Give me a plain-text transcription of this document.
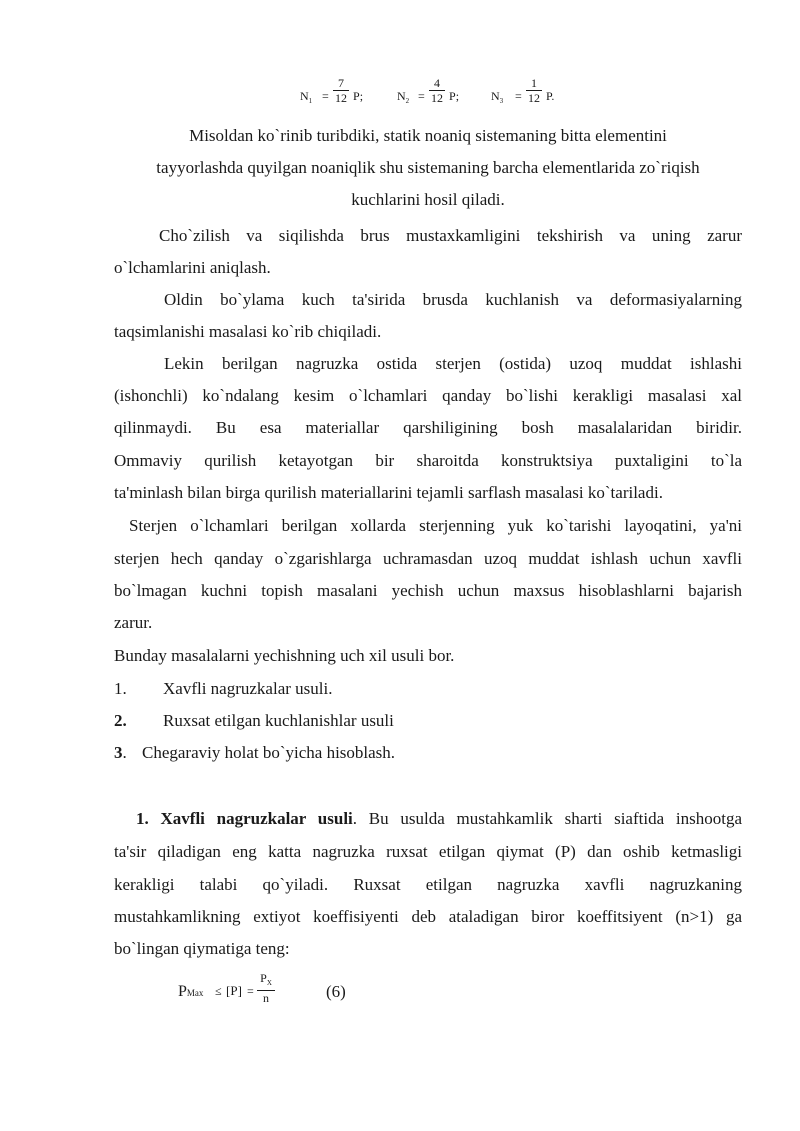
$N_1$ =
7
12 P;	$N_2$ =
4
12 P;	$N_3$ =
1
12 P.
Misoldan ko`rinib turibdiki, statik noaniq sistemaning bitta elementini
tayyorlashda quyilgan noaniqlik shu sistemaning barcha elementlarida zo`riqish
kuchlarini hosil qiladi.
Cho`zilish va siqilishda brus mustaxkamligini tekshirish va uning zarur
o`lchamlarini aniqlash.
Oldin bo`ylama kuch ta'sirida brusda kuchlanish va deformasiyalarning
taqsimlanishi masalasi ko`rib chiqiladi.
Lekin berilgan nagruzka ostida sterjen (ostida) uzoq muddat ishlashi
(ishonchli) ko`ndalang kesim o`lchamlari qanday bo`lishi kerakligi masalasi xal
qilinmaydi. Bu esa materiallar qarshiligining bosh masalalaridan biridir.
Ommaviy qurilish ketayotgan bir sharoitda konstruktsiya puxtaligini to`la
ta'minlash bilan birga qurilish materiallarini tejamli sarflash masalasi ko`tariladi.
Sterjen o`lchamlari berilgan xollarda sterjenning yuk ko`tarishi layoqatini, ya'ni
sterjen hech qanday o`zgarishlarga uchramasdan uzoq muddat ishlash uchun xavfli
bo`lmagan kuchni topish masalani yechish uchun maxsus hisoblashlarni bajarish
zarur.
Bunday masalalarni yechishning uch xil usuli bor.
1. Xavfli nagruzkalar usuli.
2. Ruxsat etilgan kuchlanishlar usuli
3. Chegaraviy holat bo`yicha hisoblash.
1. Xavfli nagruzkalar usuli. Bu usulda mustahkamlik sharti siaftida inshootga
ta'sir qiladigan eng katta nagruzka ruxsat etilgan qiymat (P) dan oshib ketmasligi
kerakligi talabi qo`yiladi. Ruxsat etilgan nagruzka xavfli nagruzkaning
mustahkamlikning extiyot koeffisiyenti deb ataladigan biror koeffitsiyent (n>1) ga
bo`lingan qiymatiga teng:
PMax ≤ [P] =
$P_X$
n	(6)
